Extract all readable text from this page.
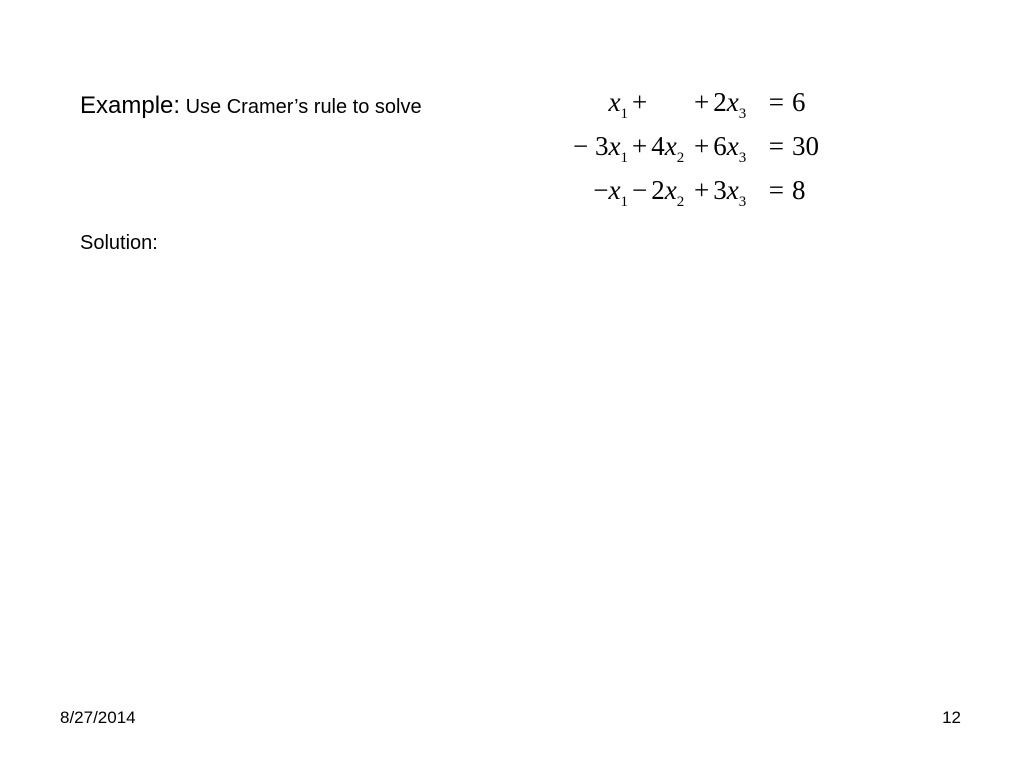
Example: Use Cramer’s rule to solve	$x_1$ +	+ $2x_3 = 6$
− $3x_1 + 4x_2 + 6x_3 = 30$
$-x_1 - 2x_2 + 3x_3 = 8$
Solution:
8/27/2014	12
